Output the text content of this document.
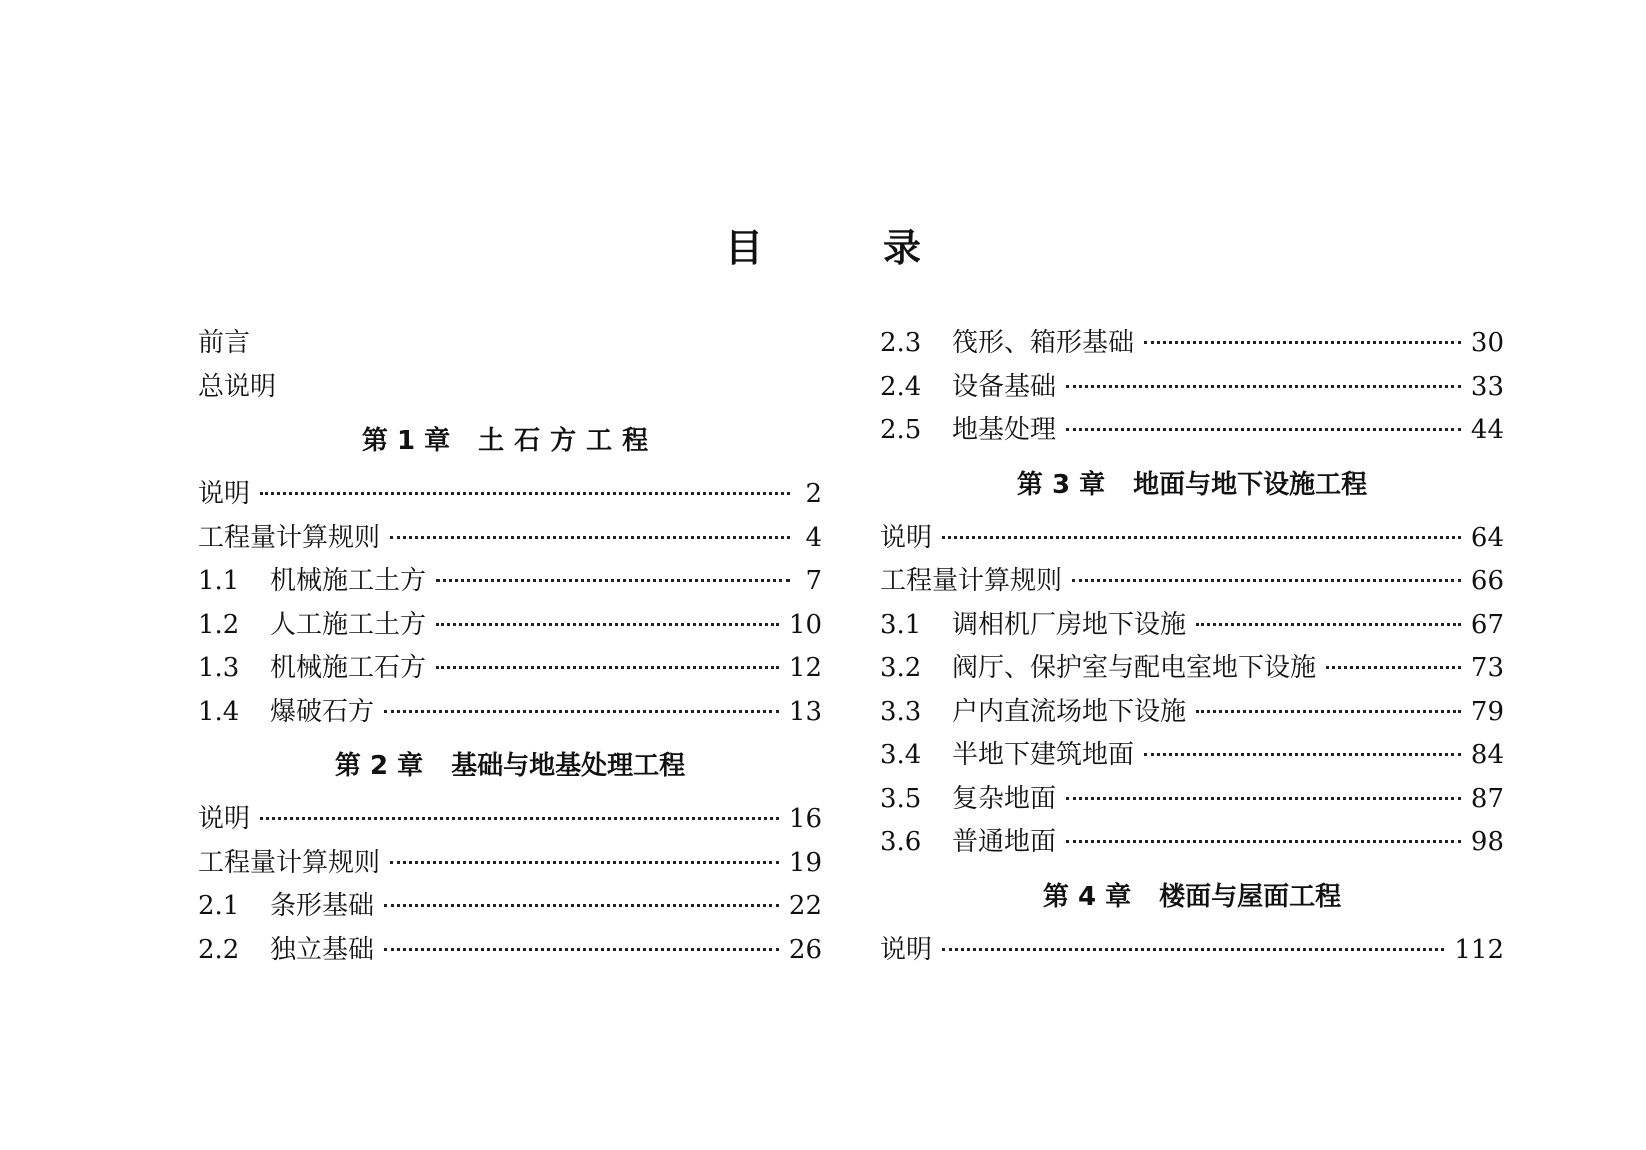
目录
前言
总说明
第 1 章 土石方工程
说明	2
工程量计算规则	4
1.1	机械施工土方	7
1.2	人工施工土方	10
1.3	机械施工石方	12
1.4	爆破石方	13
第 2 章 基础与地基处理工程
说明	16
工程量计算规则	19
2.1	条形基础	22
2.2	独立基础	26
2.3	筏形、箱形基础	30
2.4	设备基础	33
2.5	地基处理	44
第 3 章 地面与地下设施工程
说明	64
工程量计算规则	66
3.1	调相机厂房地下设施	67
3.2	阀厅、保护室与配电室地下设施	73
3.3	户内直流场地下设施	79
3.4	半地下建筑地面	84
3.5	复杂地面	87
3.6	普通地面	98
第 4 章 楼面与屋面工程
说明	112
